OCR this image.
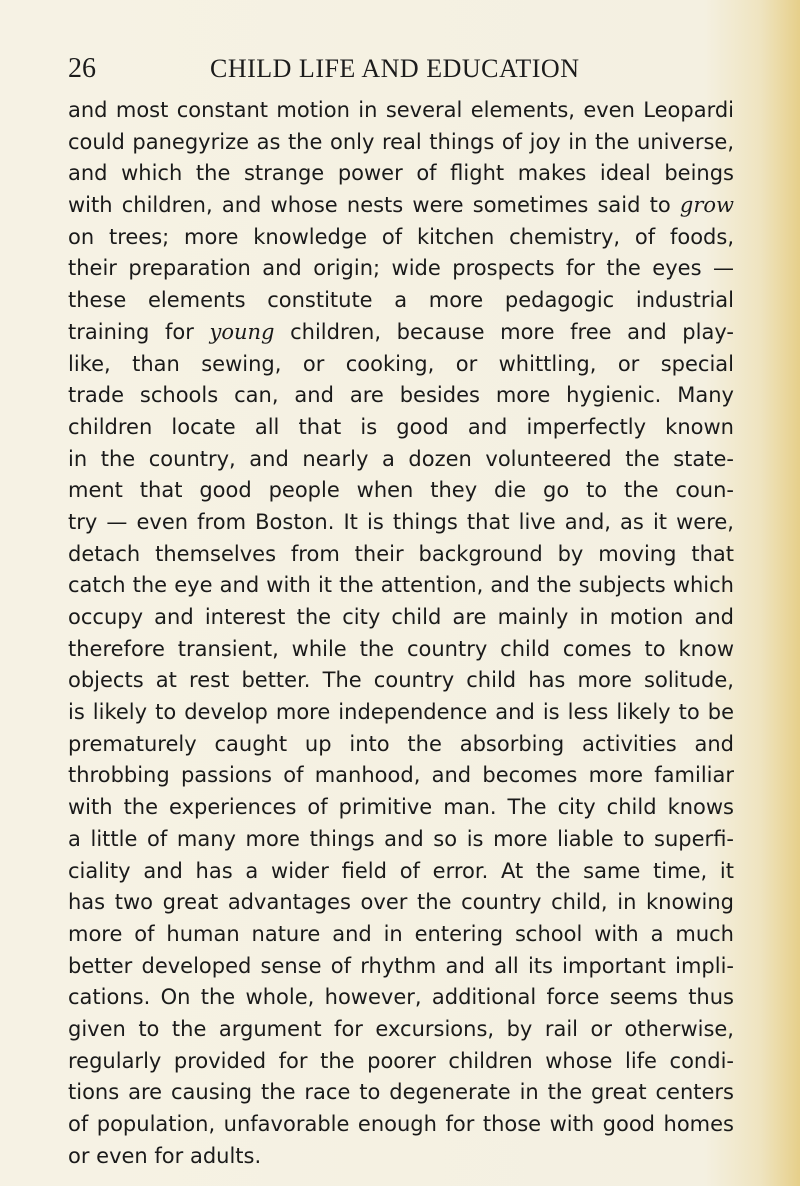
26	CHILD LIFE AND EDUCATION
and most constant motion in several elements, even Leopardi
could panegyrize as the only real things of joy in the universe,
and which the strange power of flight makes ideal beings
with children, and whose nests were sometimes said to grow
on trees; more knowledge of kitchen chemistry, of foods,
their preparation and origin; wide prospects for the eyes —
these elements constitute a more pedagogic industrial
training for young children, because more free and play-
like, than sewing, or cooking, or whittling, or special
trade schools can, and are besides more hygienic. Many
children locate all that is good and imperfectly known
in the country, and nearly a dozen volunteered the state-
ment that good people when they die go to the coun-
try — even from Boston. It is things that live and, as it were,
detach themselves from their background by moving that
catch the eye and with it the attention, and the subjects which
occupy and interest the city child are mainly in motion and
therefore transient, while the country child comes to know
objects at rest better. The country child has more solitude,
is likely to develop more independence and is less likely to be
prematurely caught up into the absorbing activities and
throbbing passions of manhood, and becomes more familiar
with the experiences of primitive man. The city child knows
a little of many more things and so is more liable to superfi-
ciality and has a wider field of error. At the same time, it
has two great advantages over the country child, in knowing
more of human nature and in entering school with a much
better developed sense of rhythm and all its important impli-
cations. On the whole, however, additional force seems thus
given to the argument for excursions, by rail or otherwise,
regularly provided for the poorer children whose life condi-
tions are causing the race to degenerate in the great centers
of population, unfavorable enough for those with good homes
or even for adults.
